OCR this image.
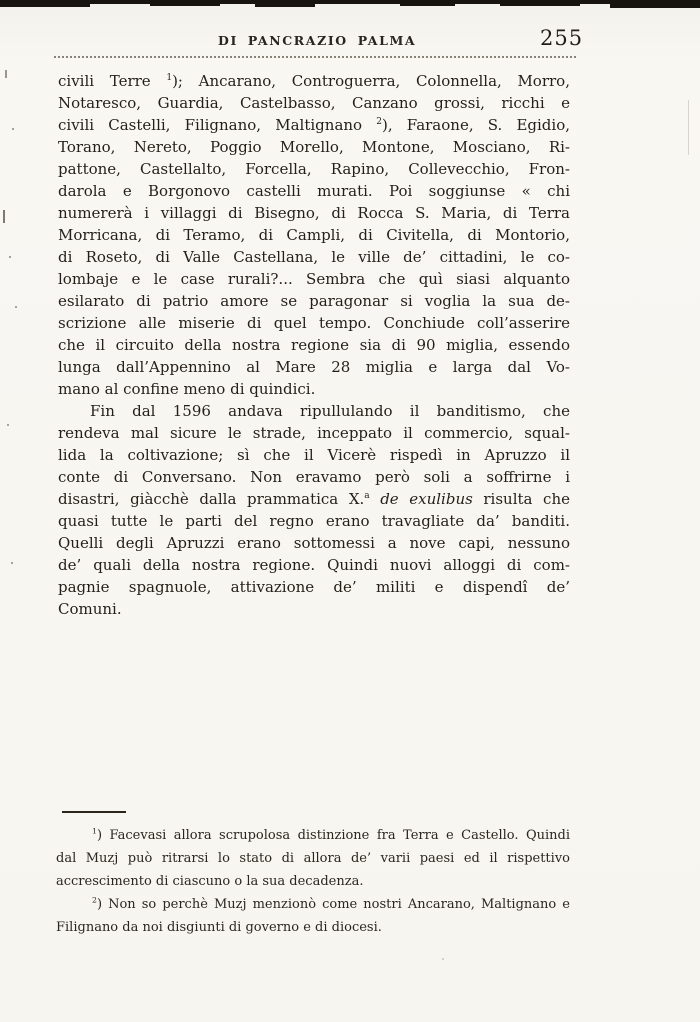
DI PANCRAZIO PALMA	255
civili Terre $^1$); Ancarano, Controguerra, Colonnella, Morro,
Notaresco, Guardia, Castelbasso, Canzano grossi, ricchi e
civili Castelli, Filignano, Maltignano $^2$), Faraone, S. Egidio,
Torano, Nereto, Poggio Morello, Montone, Mosciano, Ri-
pattone, Castellalto, Forcella, Rapino, Collevecchio, Fron-
darola e Borgonovo castelli murati. Poi soggiunse « chi
numererà i villaggi di Bisegno, di Rocca S. Maria, di Terra
Morricana, di Teramo, di Campli, di Civitella, di Montorio,
di Roseto, di Valle Castellana, le ville de’ cittadini, le co-
lombaje e le case rurali?... Sembra che quì siasi alquanto
esilarato di patrio amore se paragonar si voglia la sua de-
scrizione alle miserie di quel tempo. Conchiude coll’asserire
che il circuito della nostra regione sia di 90 miglia, essendo
lunga dall’Appennino al Mare 28 miglia e larga dal Vo-
mano al confine meno di quindici.
Fin dal 1596 andava ripullulando il banditismo, che
rendeva mal sicure le strade, inceppato il commercio, squal-
lida la coltivazione; sì che il Vicerè rispedì in Apruzzo il
conte di Conversano. Non eravamo però soli a soffrirne i
disastri, giàcchè dalla prammatica X.$^a$ de exulibus risulta che
quasi tutte le parti del regno erano travagliate da’ banditi.
Quelli degli Apruzzi erano sottomessi a nove capi, nessuno
de’ quali della nostra regione. Quindi nuovi alloggi di com-
pagnie spagnuole, attivazione de’ militi e dispendî de’
Comuni.
$^1$) Facevasi allora scrupolosa distinzione fra Terra e Castello. Quindi
dal Muzj può ritrarsi lo stato di allora de’ varii paesi ed il rispettivo
accrescimento di ciascuno o la sua decadenza.
$^2$) Non so perchè Muzj menzionò come nostri Ancarano, Maltignano e
Filignano da noi disgiunti di governo e di diocesi.
